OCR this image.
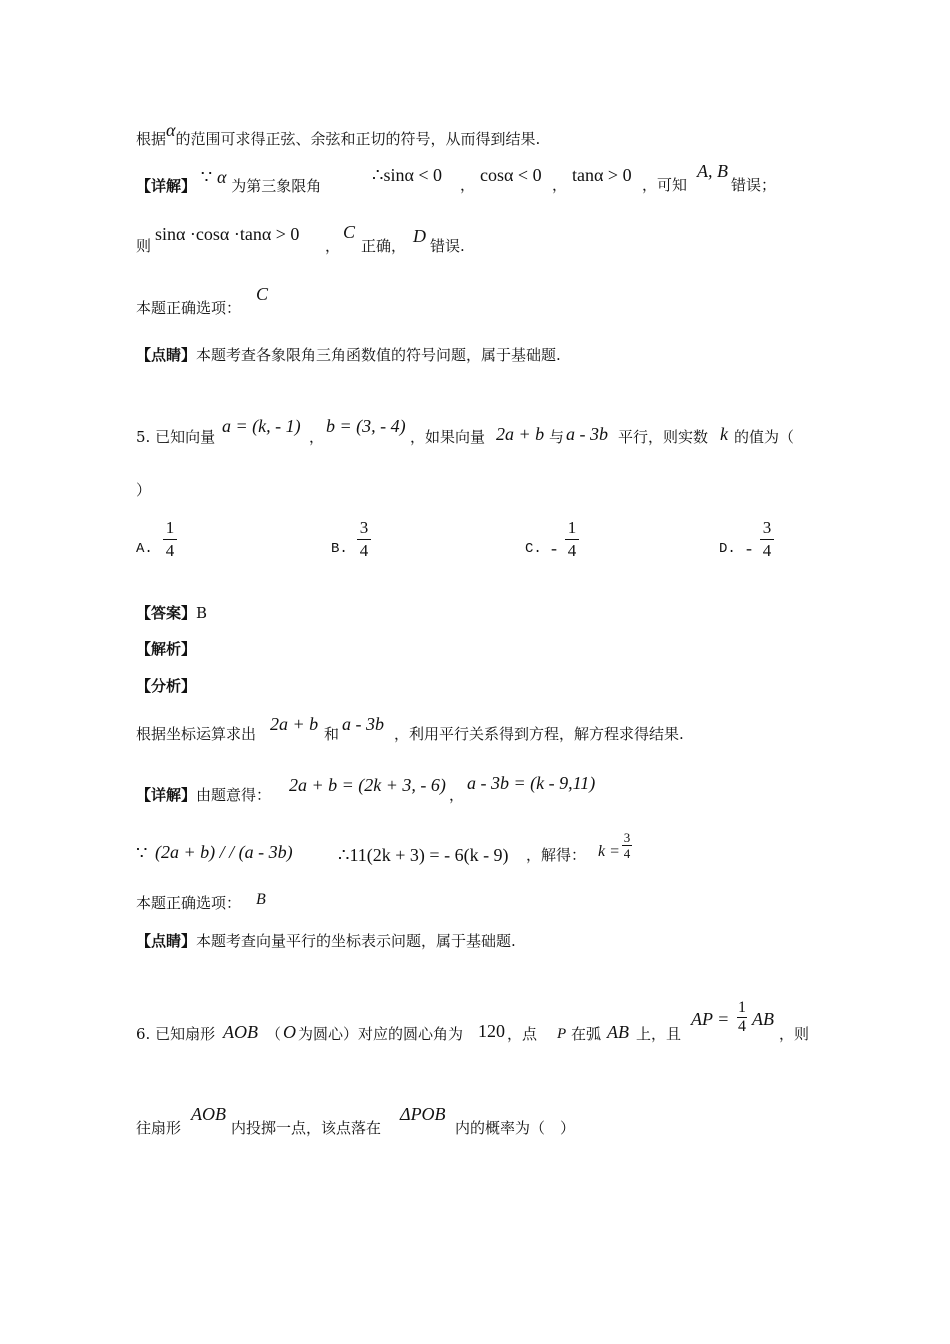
根据α的范围可求得正弦、余弦和正切的符号，从而得到结果.
【详解】 ∵ α 为第三象限角
∴sinα < 0 ， cosα < 0 ， tanα > 0 ，可知
A, B
错误；
则
sinα ·cosα ·tanα > 0
，
C
正确， D 错误.
本题正确选项：
C
【点睛】本题考查各象限角三角函数值的符号问题，属于基础题.
5. 已知向量
a = (k, - 1)
，
b = (3, - 4)
，如果向量 2a + b 与 a - 3b 平行，则实数 k 的值为（
）
A.
1
4	B.
3
4	C. -
1
4	D. -
3
4
【答案】B
【解析】
【分析】
根据坐标运算求出 2a + b 和 a - 3b ，利用平行关系得到方程，解方程求得结果.
【详解】由题意得： 2a + b = (2k + 3, - 6) ，
a - 3b = (k - 9,11)
∵ (2a + b) / / (a - 3b)	∴11(2k + 3) = - 6(k - 9) ，解得： k =
3
4
本题正确选项： B
【点睛】本题考查向量平行的坐标表示问题，属于基础题.
6. 已知扇形 AOB （ O 为圆心）对应的圆心角为 120 ，点 P 在弧 AB 上，且
AP =
1
4 AB
，则
往扇形
AOB
内投掷一点，该点落在
ΔPOB
内的概率为（　）
